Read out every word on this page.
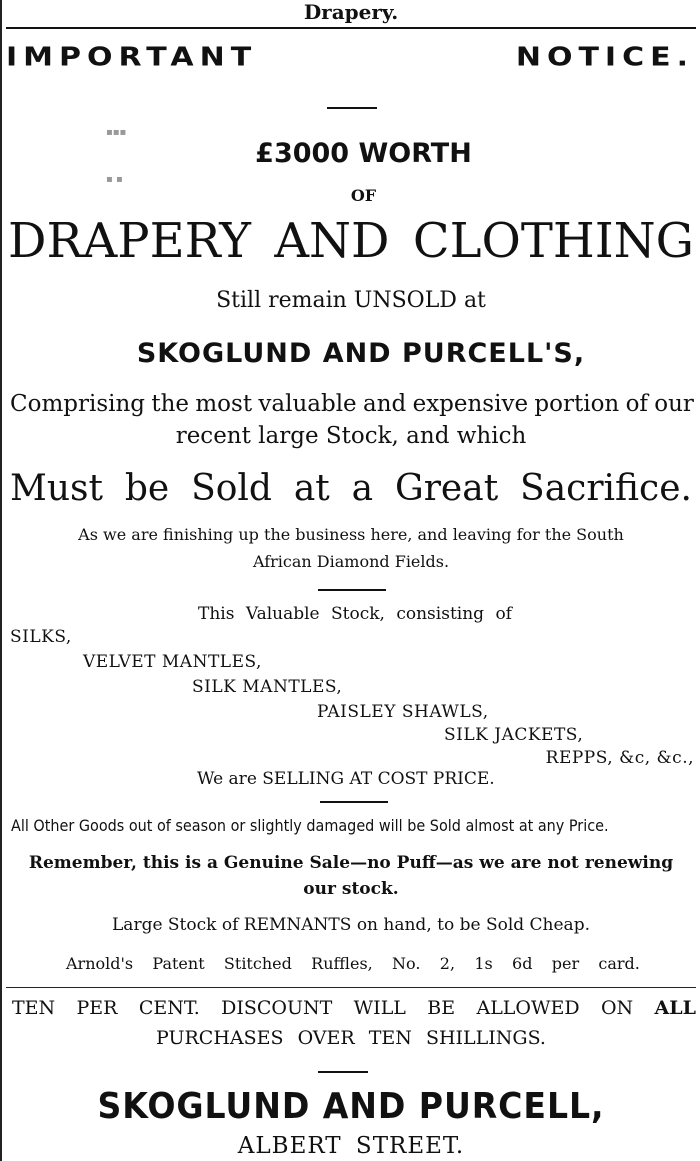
Drapery.
IMPORTANT	NOTICE.
▪▪▪
▪ ▪
£3000 WORTH
OF
DRAPERY AND CLOTHING
Still remain UNSOLD at
SKOGLUND AND PURCELL'S,
Comprising the most valuable and expensive portion of our
recent large Stock, and which
Must be Sold at a Great Sacrifice.
As we are finishing up the business here, and leaving for the South
African Diamond Fields.
This Valuable Stock, consisting of
SILKS,
VELVET MANTLES,
SILK MANTLES,
PAISLEY SHAWLS,
SILK JACKETS,
REPPS, &c, &c.,
We are SELLING AT COST PRICE.
All Other Goods out of season or slightly damaged will be Sold almost at any Price.
Remember, this is a Genuine Sale—no Puff—as we are not renewing
our stock.
Large Stock of REMNANTS on hand, to be Sold Cheap.
Arnold's Patent Stitched Ruffles, No. 2, 1s 6d per card.
TEN PER CENT. DISCOUNT WILL BE ALLOWED ON ALL
PURCHASES OVER TEN SHILLINGS.
SKOGLUND AND PURCELL,
ALBERT STREET.
